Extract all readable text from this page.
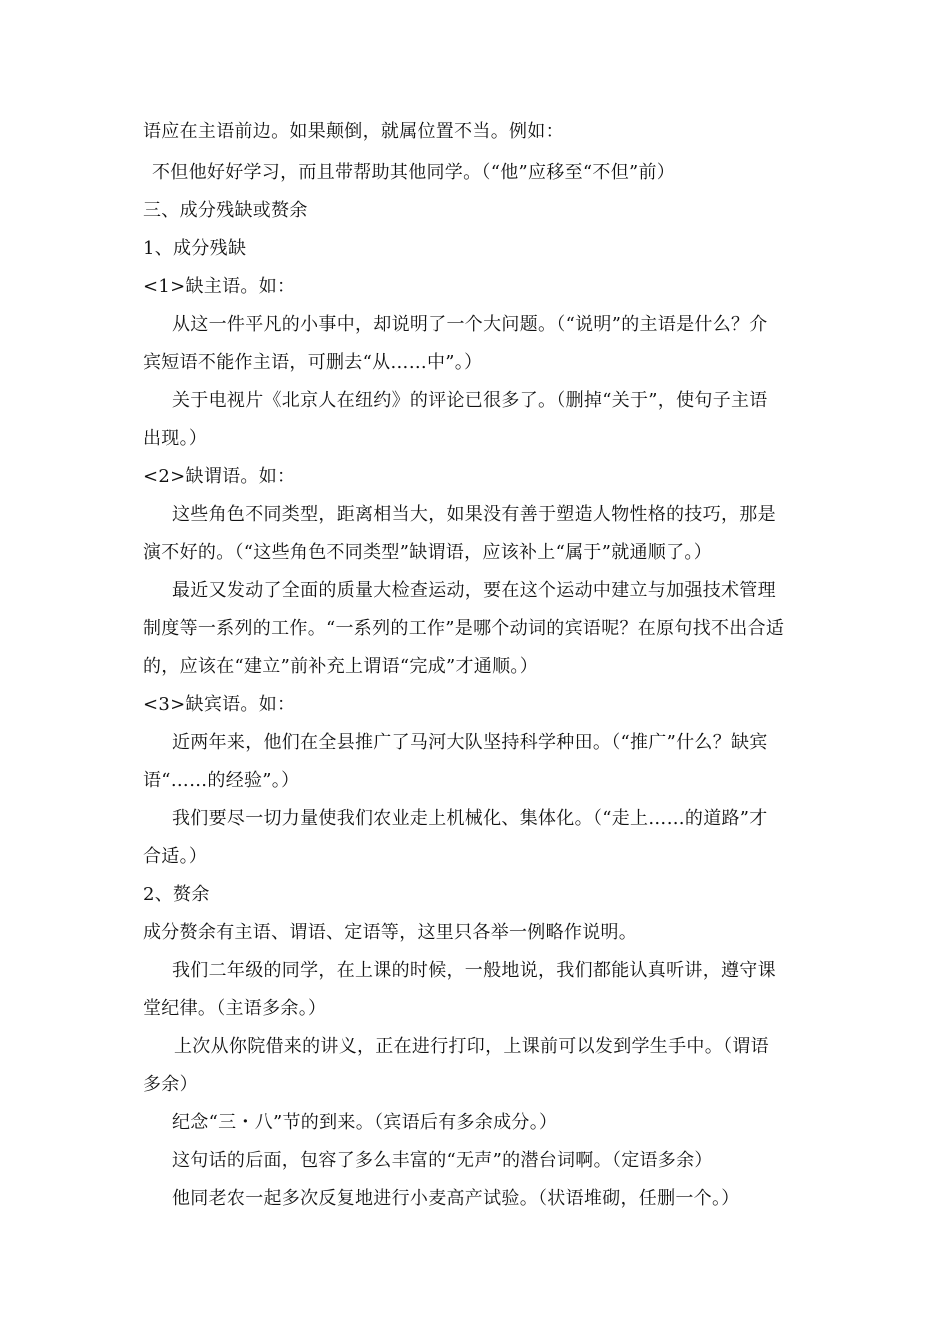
语应在主语前边。如果颠倒，就属位置不当。例如：
不但他好好学习，而且带帮助其他同学。（“他”应移至“不但”前）
三、成分残缺或赘余
1、成分残缺
<1>缺主语。如：
从这一件平凡的小事中，却说明了一个大问题。（“说明”的主语是什么？介
宾短语不能作主语，可删去“从……中”。）
关于电视片《北京人在纽约》的评论已很多了。（删掉“关于”，使句子主语
出现。）
<2>缺谓语。如：
这些角色不同类型，距离相当大，如果没有善于塑造人物性格的技巧，那是
演不好的。（“这些角色不同类型”缺谓语，应该补上“属于”就通顺了。）
最近又发动了全面的质量大检查运动，要在这个运动中建立与加强技术管理
制度等一系列的工作。“一系列的工作”是哪个动词的宾语呢？在原句找不出合适
的，应该在“建立”前补充上谓语“完成”才通顺。）
<3>缺宾语。如：
近两年来，他们在全县推广了马河大队坚持科学种田。（“推广”什么？缺宾
语“……的经验”。）
我们要尽一切力量使我们农业走上机械化、集体化。（“走上……的道路”才
合适。）
2、赘余
成分赘余有主语、谓语、定语等，这里只各举一例略作说明。
我们二年级的同学，在上课的时候，一般地说，我们都能认真听讲，遵守课
堂纪律。（主语多余。）
上次从你院借来的讲义，正在进行打印，上课前可以发到学生手中。（谓语
多余）
纪念“三・八”节的到来。（宾语后有多余成分。）
这句话的后面，包容了多么丰富的“无声”的潜台词啊。（定语多余）
他同老农一起多次反复地进行小麦高产试验。（状语堆砌，任删一个。）
